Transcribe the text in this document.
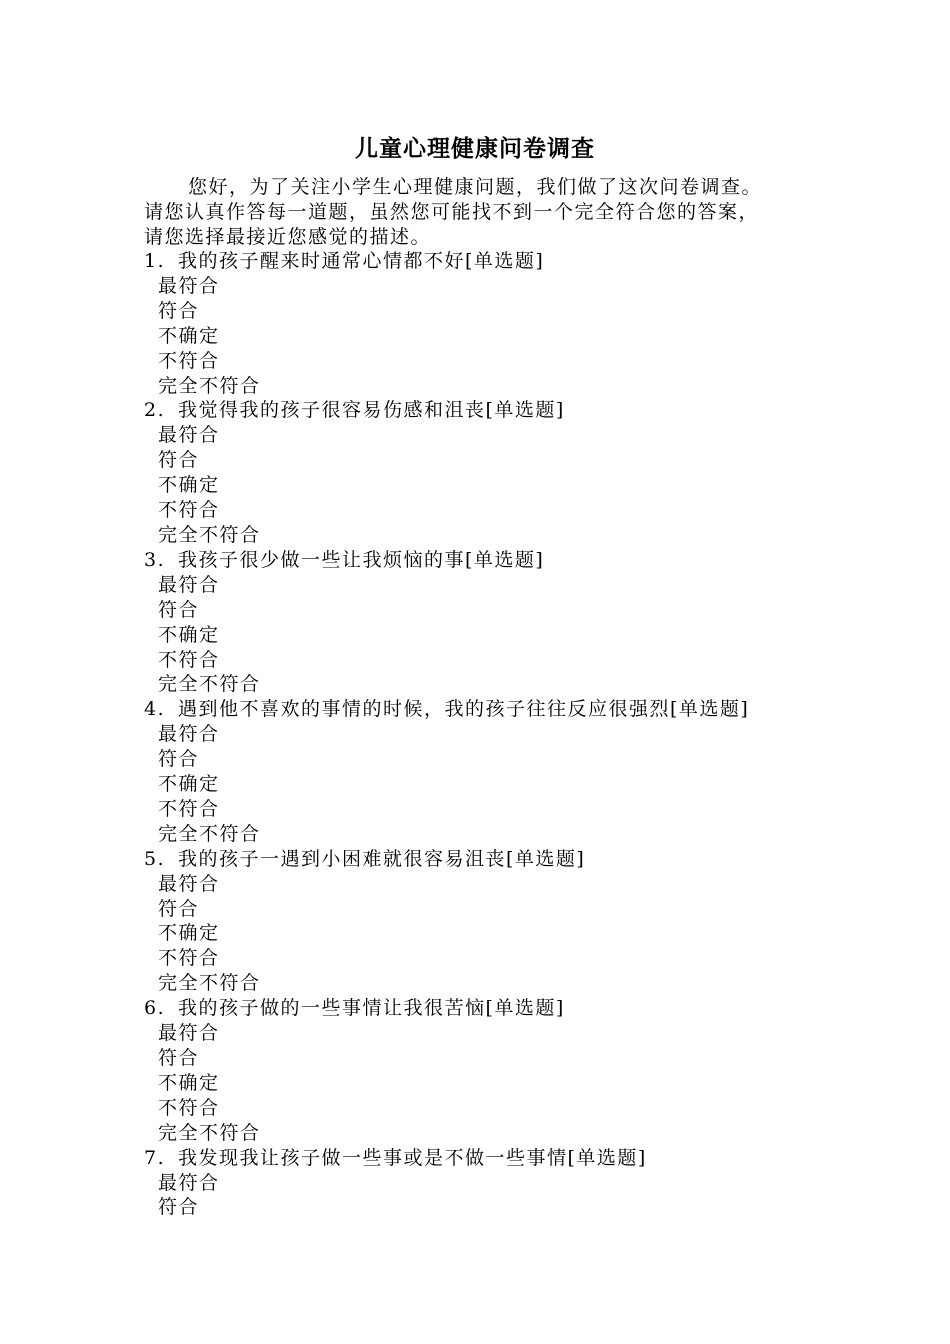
儿童心理健康问卷调查
您好，为了关注小学生心理健康问题，我们做了这次问卷调查。
请您认真作答每一道题，虽然您可能找不到一个完全符合您的答案，
请您选择最接近您感觉的描述。
1. 我的孩子醒来时通常心情都不好[单选题]
最符合
符合
不确定
不符合
完全不符合
2. 我觉得我的孩子很容易伤感和沮丧[单选题]
最符合
符合
不确定
不符合
完全不符合
3. 我孩子很少做一些让我烦恼的事[单选题]
最符合
符合
不确定
不符合
完全不符合
4. 遇到他不喜欢的事情的时候，我的孩子往往反应很强烈[单选题]
最符合
符合
不确定
不符合
完全不符合
5. 我的孩子一遇到小困难就很容易沮丧[单选题]
最符合
符合
不确定
不符合
完全不符合
6. 我的孩子做的一些事情让我很苦恼[单选题]
最符合
符合
不确定
不符合
完全不符合
7. 我发现我让孩子做一些事或是不做一些事情[单选题]
最符合
符合
